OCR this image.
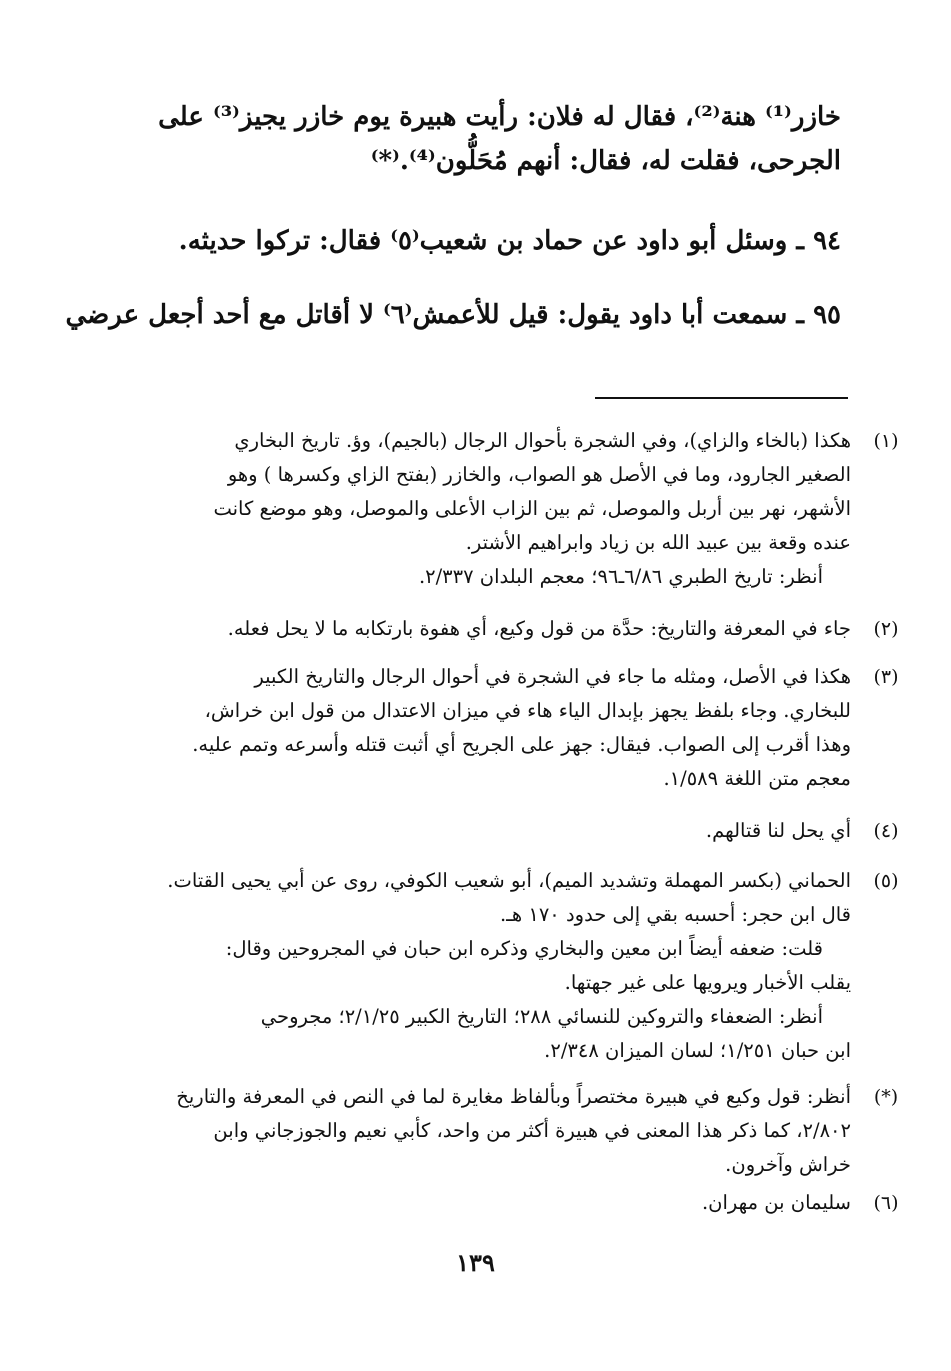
خازر⁽¹⁾ هنة⁽²⁾، فقال له فلان: رأيت هبيرة يوم خازر يجيز⁽³⁾ على
الجرحى، فقلت له، فقال: أنهم مُحَلُّون⁽⁴⁾.⁽*⁾
٩٤ ـ وسئل أبو داود عن حماد بن شعيب⁽٥⁾ فقال: تركوا حديثه.
٩٥ ـ سمعت أبا داود يقول: قيل للأعمش⁽٦⁾ لا أقاتل مع أحد أجعل عرضي
(١)
هكذا (بالخاء والزاي)، وفي الشجرة بأحوال الرجال (بالجيم)، وؤ. تاريخ البخاري
الصغير الجارود، وما في الأصل هو الصواب، والخازر (بفتح الزاي وكسرها ) وهو
الأشهر، نهر بين أربل والموصل، ثم بين الزاب الأعلى والموصل، وهو موضع كانت
عنده وقعة بين عبيد الله بن زياد وابراهيم الأشتر.
أنظر: تاريخ الطبري ٦/٨٦ـ٩٦؛ معجم البلدان ٢/٣٣٧.
(٢)
جاء في المعرفة والتاريخ: حدَّة من قول وكيع، أي هفوة بارتكابه ما لا يحل فعله.
(٣)
هكذا في الأصل، ومثله ما جاء في الشجرة في أحوال الرجال والتاريخ الكبير
للبخاري. وجاء بلفظ يجهز بإبدال الياء هاء في ميزان الاعتدال من قول ابن خراش،
وهذا أقرب إلى الصواب. فيقال: جهز على الجريح أي أثبت قتله وأسرعه وتمم عليه.
معجم متن اللغة ١/٥٨٩.
(٤)
أي يحل لنا قتالهم.
(٥)
الحماني (بكسر المهملة وتشديد الميم)، أبو شعيب الكوفي، روى عن أبي يحيى القتات.
قال ابن حجر: أحسبه بقي إلى حدود ١٧٠ هـ.
قلت: ضعفه أيضاً ابن معين والبخاري وذكره ابن حبان في المجروحين وقال:
يقلب الأخبار ويرويها على غير جهتها.
أنظر: الضعفاء والتروكين للنسائي ٢٨٨؛ التاريخ الكبير ٢/١/٢٥؛ مجروحي
ابن حبان ١/٢٥١؛ لسان الميزان ٢/٣٤٨.
(*)
أنظر: قول وكيع في هبيرة مختصراً وبألفاظ مغايرة لما في النص في المعرفة والتاريخ
٢/٨٠٢، كما ذكر هذا المعنى في هبيرة أكثر من واحد، كأبي نعيم والجوزجاني وابن
خراش وآخرون.
(٦)
سليمان بن مهران.
١٣٩
